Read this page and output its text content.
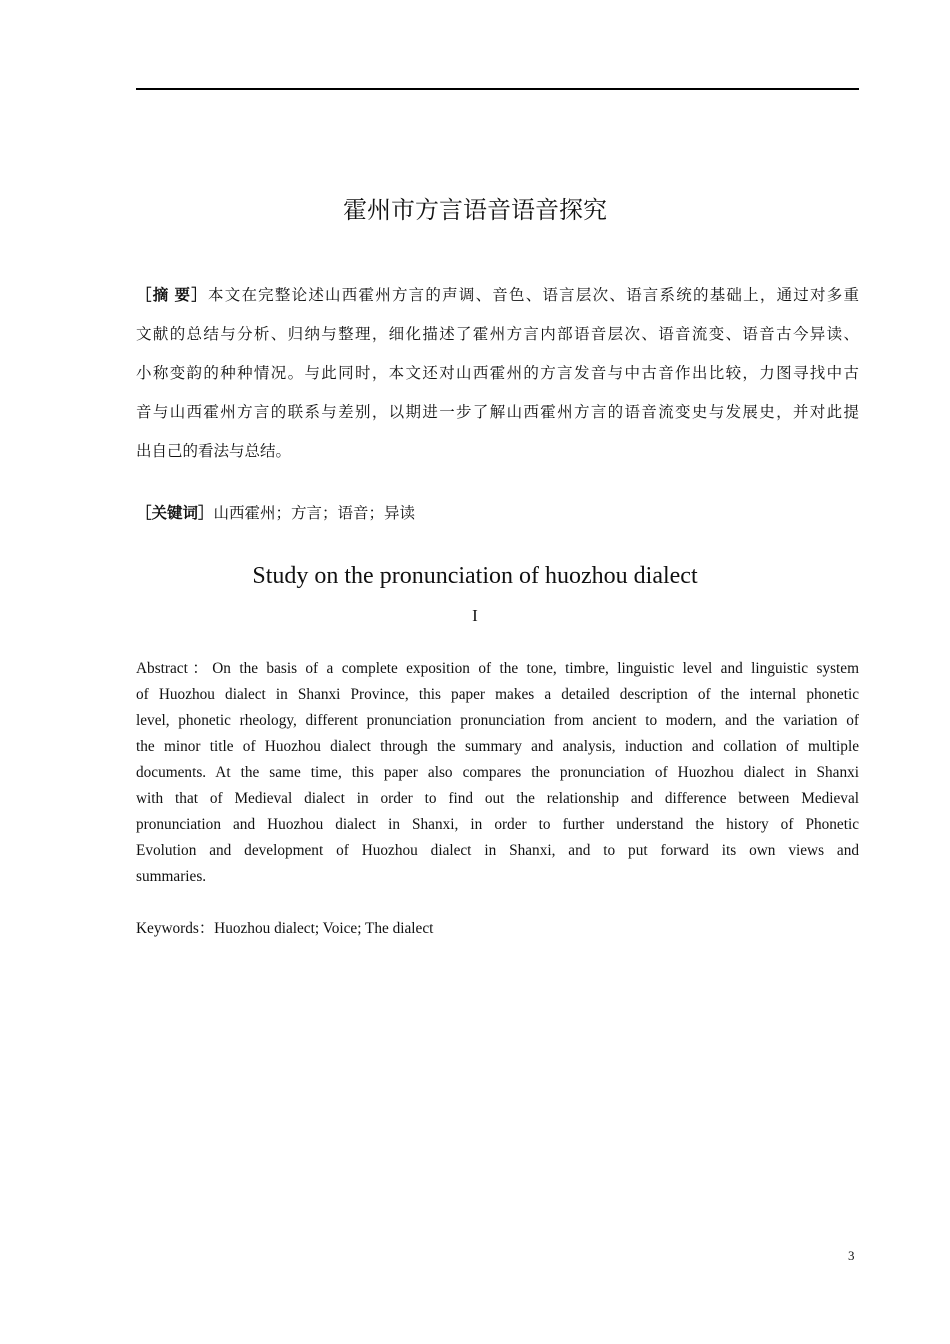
霍州市方言语音语音探究
［摘 要］本文在完整论述山西霍州方言的声调、音色、语言层次、语言系统的基础上，通过对多重
文献的总结与分析、归纳与整理，细化描述了霍州方言内部语音层次、语音流变、语音古今异读、
小称变韵的种种情况。与此同时，本文还对山西霍州的方言发音与中古音作出比较，力图寻找中古
音与山西霍州方言的联系与差别，以期进一步了解山西霍州方言的语音流变史与发展史，并对此提
出自己的看法与总结。
［关键词］山西霍州；方言；语音；异读
Study on the pronunciation of huozhou dialect
I
Abstract：On the basis of a complete exposition of the tone, timbre, linguistic level and linguistic system
of Huozhou dialect in Shanxi Province, this paper makes a detailed description of the internal phonetic
level, phonetic rheology, different pronunciation pronunciation from ancient to modern, and the variation of
the minor title of Huozhou dialect through the summary and analysis, induction and collation of multiple
documents. At the same time, this paper also compares the pronunciation of Huozhou dialect in Shanxi
with that of Medieval dialect in order to find out the relationship and difference between Medieval
pronunciation and Huozhou dialect in Shanxi, in order to further understand the history of Phonetic
Evolution and development of Huozhou dialect in Shanxi, and to put forward its own views and
summaries.
Keywords：Huozhou dialect; Voice; The dialect
3
